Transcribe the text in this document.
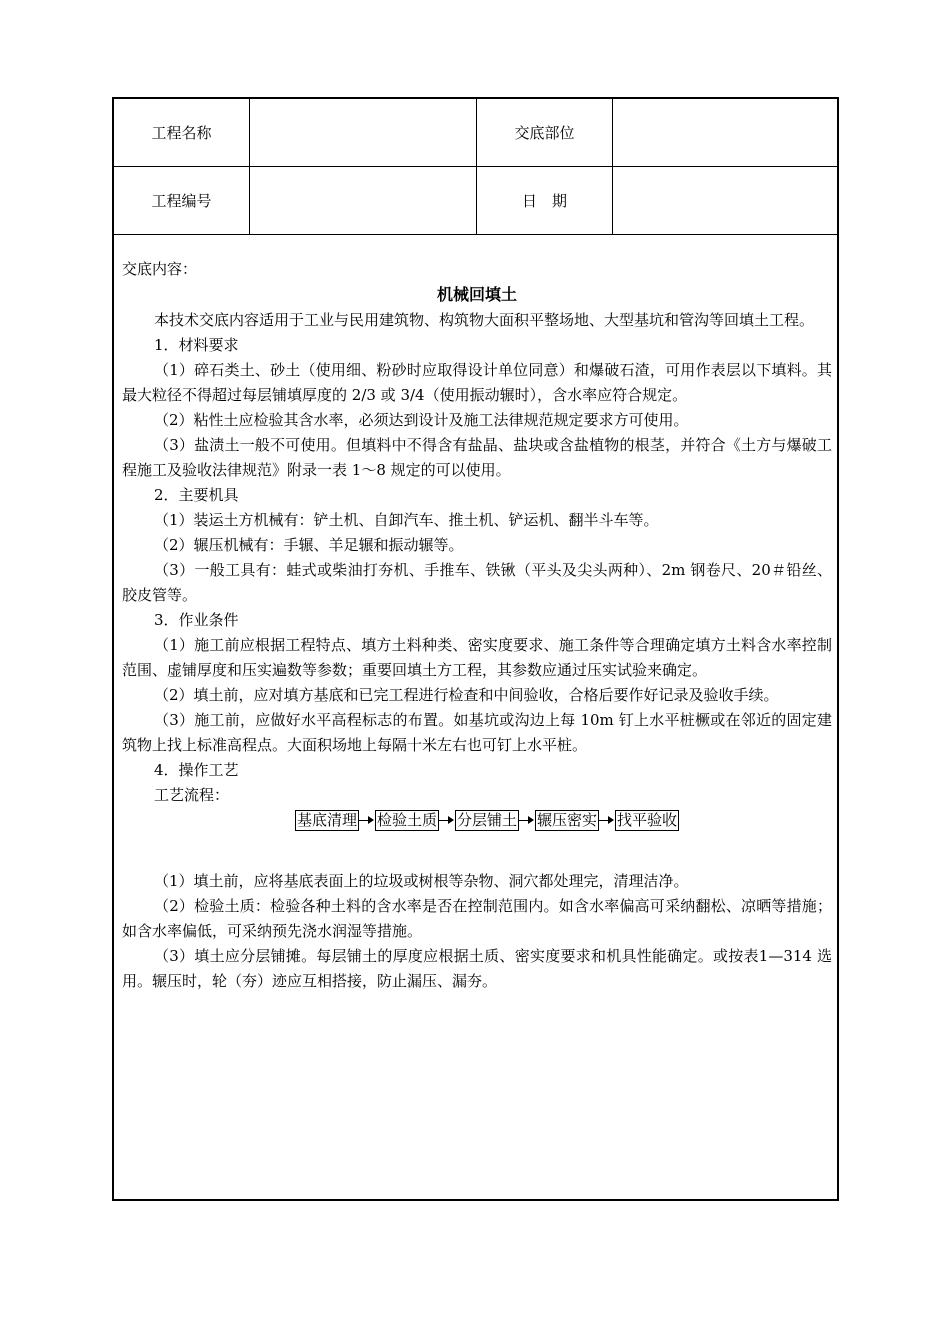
工程名称	交底部位
工程编号	日　期

交底内容：

机械回填土

本技术交底内容适用于工业与民用建筑物、构筑物大面积平整场地、大型基坑和管沟等回填土工程。

1．材料要求

（1）碎石类土、砂土（使用细、粉砂时应取得设计单位同意）和爆破石渣，可用作表层以下填料。其最大粒径不得超过每层铺填厚度的 2/3 或 3/4（使用振动辗时），含水率应符合规定。

（2）粘性土应检验其含水率，必须达到设计及施工法律规范规定要求方可使用。

（3）盐渍土一般不可使用。但填料中不得含有盐晶、盐块或含盐植物的根茎，并符合《土方与爆破工程施工及验收法律规范》附录一表 1～8 规定的可以使用。

2．主要机具

（1）装运土方机械有：铲土机、自卸汽车、推土机、铲运机、翻半斗车等。

（2）辗压机械有：手辗、羊足辗和振动辗等。

（3）一般工具有：蛙式或柴油打夯机、手推车、铁锹（平头及尖头两种）、2m 钢卷尺、20＃铅丝、胶皮管等。

3．作业条件

（1）施工前应根据工程特点、填方土料种类、密实度要求、施工条件等合理确定填方土料含水率控制范围、虚铺厚度和压实遍数等参数；重要回填土方工程，其参数应通过压实试验来确定。

（2）填土前，应对填方基底和已完工程进行检查和中间验收，合格后要作好记录及验收手续。

（3）施工前，应做好水平高程标志的布置。如基坑或沟边上每 10m 钉上水平桩橛或在邻近的固定建筑物上找上标准高程点。大面积场地上每隔十米左右也可钉上水平桩。

4．操作工艺

工艺流程：

基底清理 检验土质 分层铺土 辗压密实 找平验收

（1）填土前，应将基底表面上的垃圾或树根等杂物、洞穴都处理完，清理洁净。

（2）检验土质：检验各种土料的含水率是否在控制范围内。如含水率偏高可采纳翻松、凉晒等措施；如含水率偏低，可采纳预先浇水润湿等措施。

（3）填土应分层铺摊。每层铺土的厚度应根据土质、密实度要求和机具性能确定。或按表1—314 选用。辗压时，轮（夯）迹应互相搭接，防止漏压、漏夯。
